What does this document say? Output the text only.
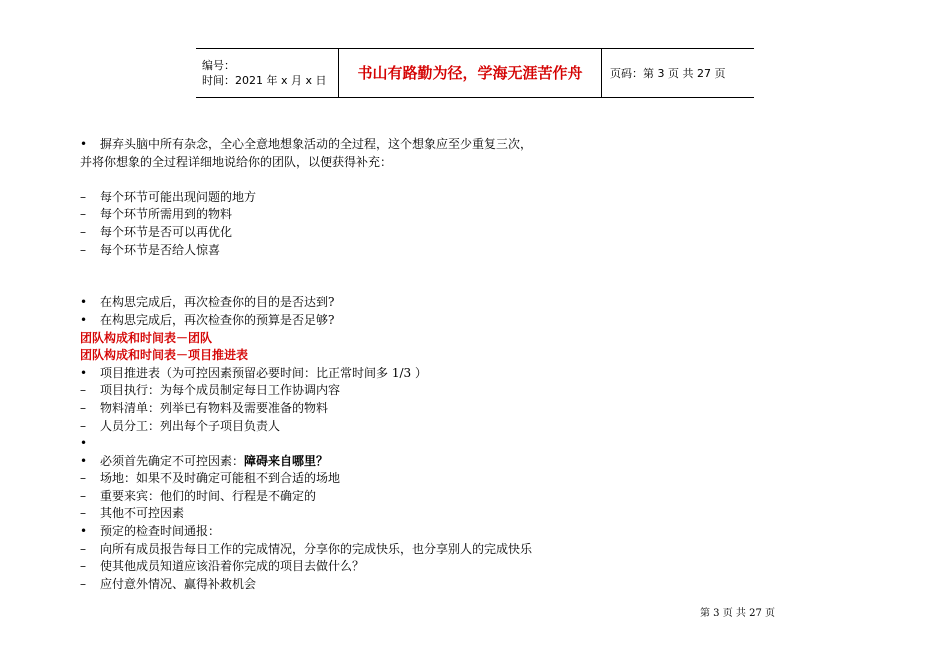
编号：
时间：2021 年 x 月 x 日	书山有路勤为径，学海无涯苦作舟	页码：第 3 页 共 27 页
•	摒弃头脑中所有杂念，全心全意地想象活动的全过程，这个想象应至少重复三次，
并将你想象的全过程详细地说给你的团队，以便获得补充：
–	每个环节可能出现问题的地方
–	每个环节所需用到的物料
–	每个环节是否可以再优化
–	每个环节是否给人惊喜
•	在构思完成后，再次检查你的目的是否达到?
•	在构思完成后，再次检查你的预算是否足够?
团队构成和时间表－团队
团队构成和时间表－项目推进表
•	项目推进表（为可控因素预留必要时间：比正常时间多 1/3 ）
–	项目执行：为每个成员制定每日工作协调内容
–	物料清单：列举已有物料及需要准备的物料
–	人员分工：列出每个子项目负责人
•
•	必须首先确定不可控因素： 障碍来自哪里？
–	场地：如果不及时确定可能租不到合适的场地
–	重要来宾：他们的时间、行程是不确定的
–	其他不可控因素
•	预定的检查时间通报：
–	向所有成员报告每日工作的完成情况，分享你的完成快乐，也分享别人的完成快乐
–	使其他成员知道应该沿着你完成的项目去做什么？
–	应付意外情况、赢得补救机会
第 3 页 共 27 页
